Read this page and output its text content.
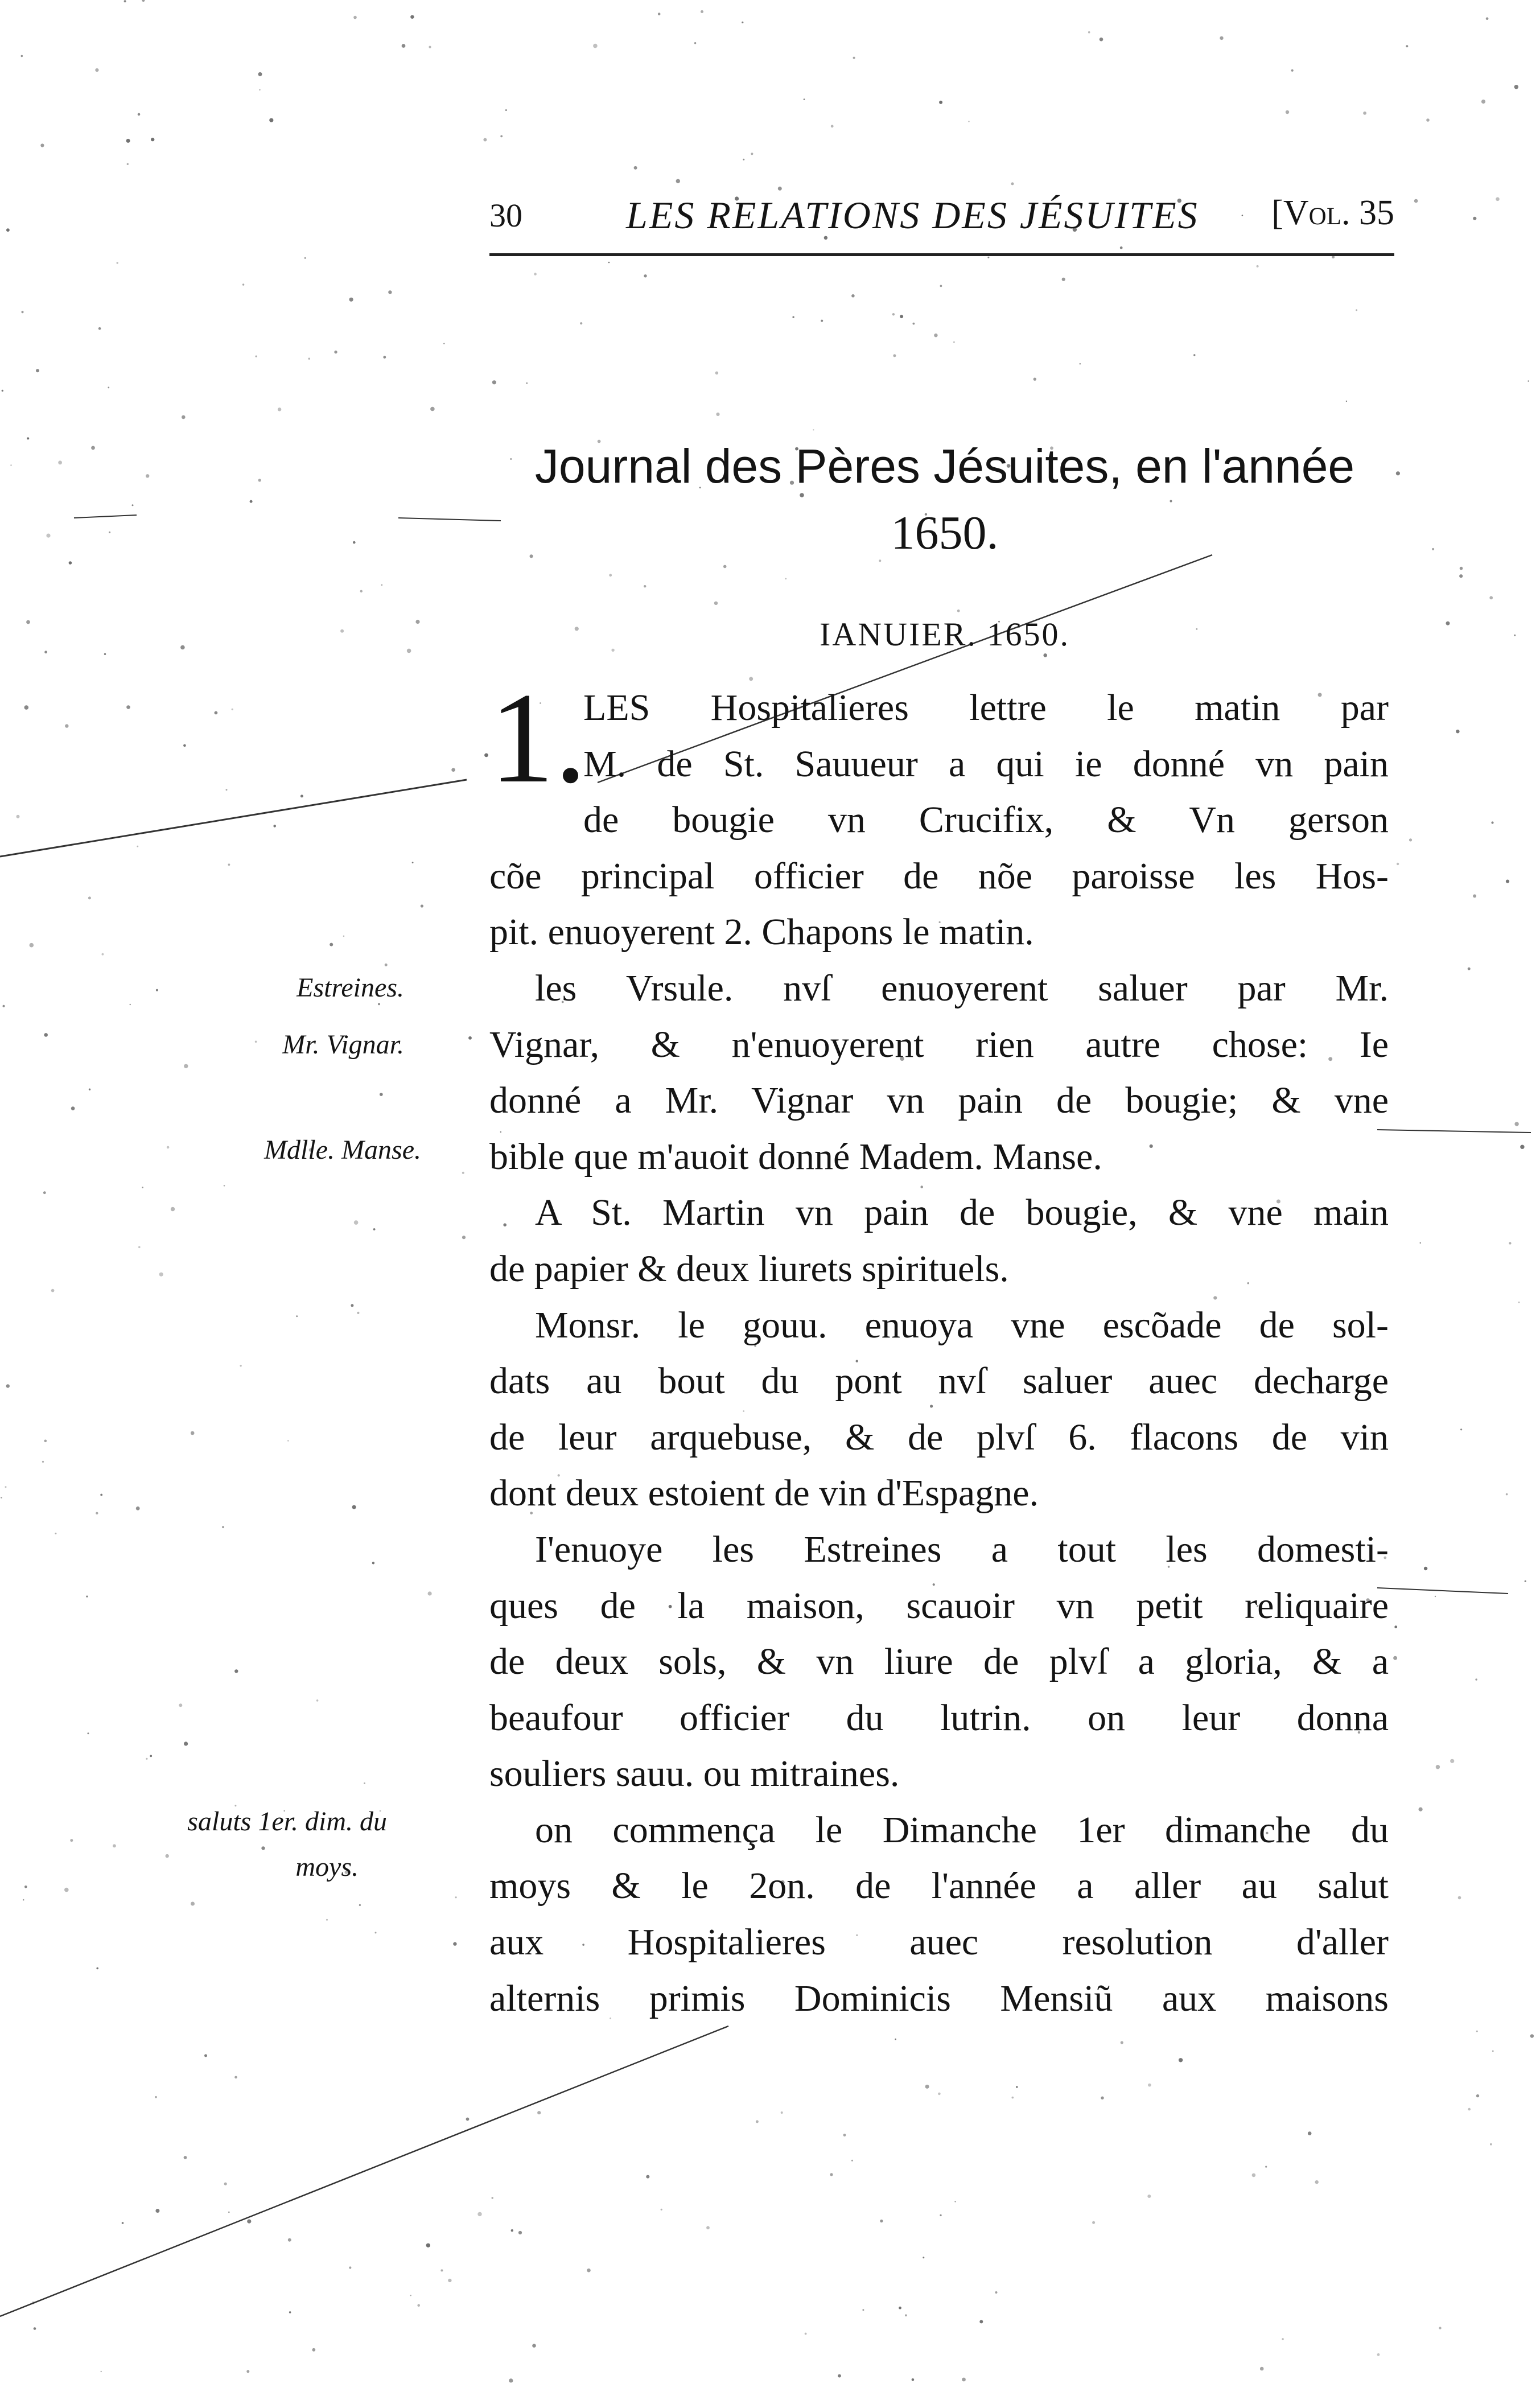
30	LES RELATIONS DES JÉSUITES [Vol. 35
Journal des Pères Jésuites, en l'année
1650.
IANUIER. 1650.
Estreines.
Mr. Vignar.
Mdlle. Manse.
saluts 1er. dim. du
moys.
1.
LES Hospitalieres lettre le matin par
M. de St. Sauueur a qui ie donné vn pain
de bougie vn Crucifix, & Vn gerson
cõe principal officier de nõe paroisse les Hos-
pit. enuoyerent 2. Chapons le matin.
les Vrsule. nvſ enuoyerent saluer par Mr.
Vignar, & n'enuoyerent rien autre chose: Ie
donné a Mr. Vignar vn pain de bougie; & vne
bible que m'auoit donné Madem. Manse.
A St. Martin vn pain de bougie, & vne main
de papier & deux liurets spirituels.
Monsr. le gouu. enuoya vne escõade de sol-
dats au bout du pont nvſ saluer auec decharge
de leur arquebuse, & de plvſ 6. flacons de vin
dont deux estoient de vin d'Espagne.
I'enuoye les Estreines a tout les domesti-
ques de la maison, scauoir vn petit reliquaire
de deux sols, & vn liure de plvſ a gloria, & a
beaufour officier du lutrin. on leur donna
souliers sauu. ou mitraines.
on commença le Dimanche 1er dimanche du
moys & le 2on. de l'année a aller au salut
aux Hospitalieres auec resolution d'aller
alternis primis Dominicis Mensiũ aux maisons
